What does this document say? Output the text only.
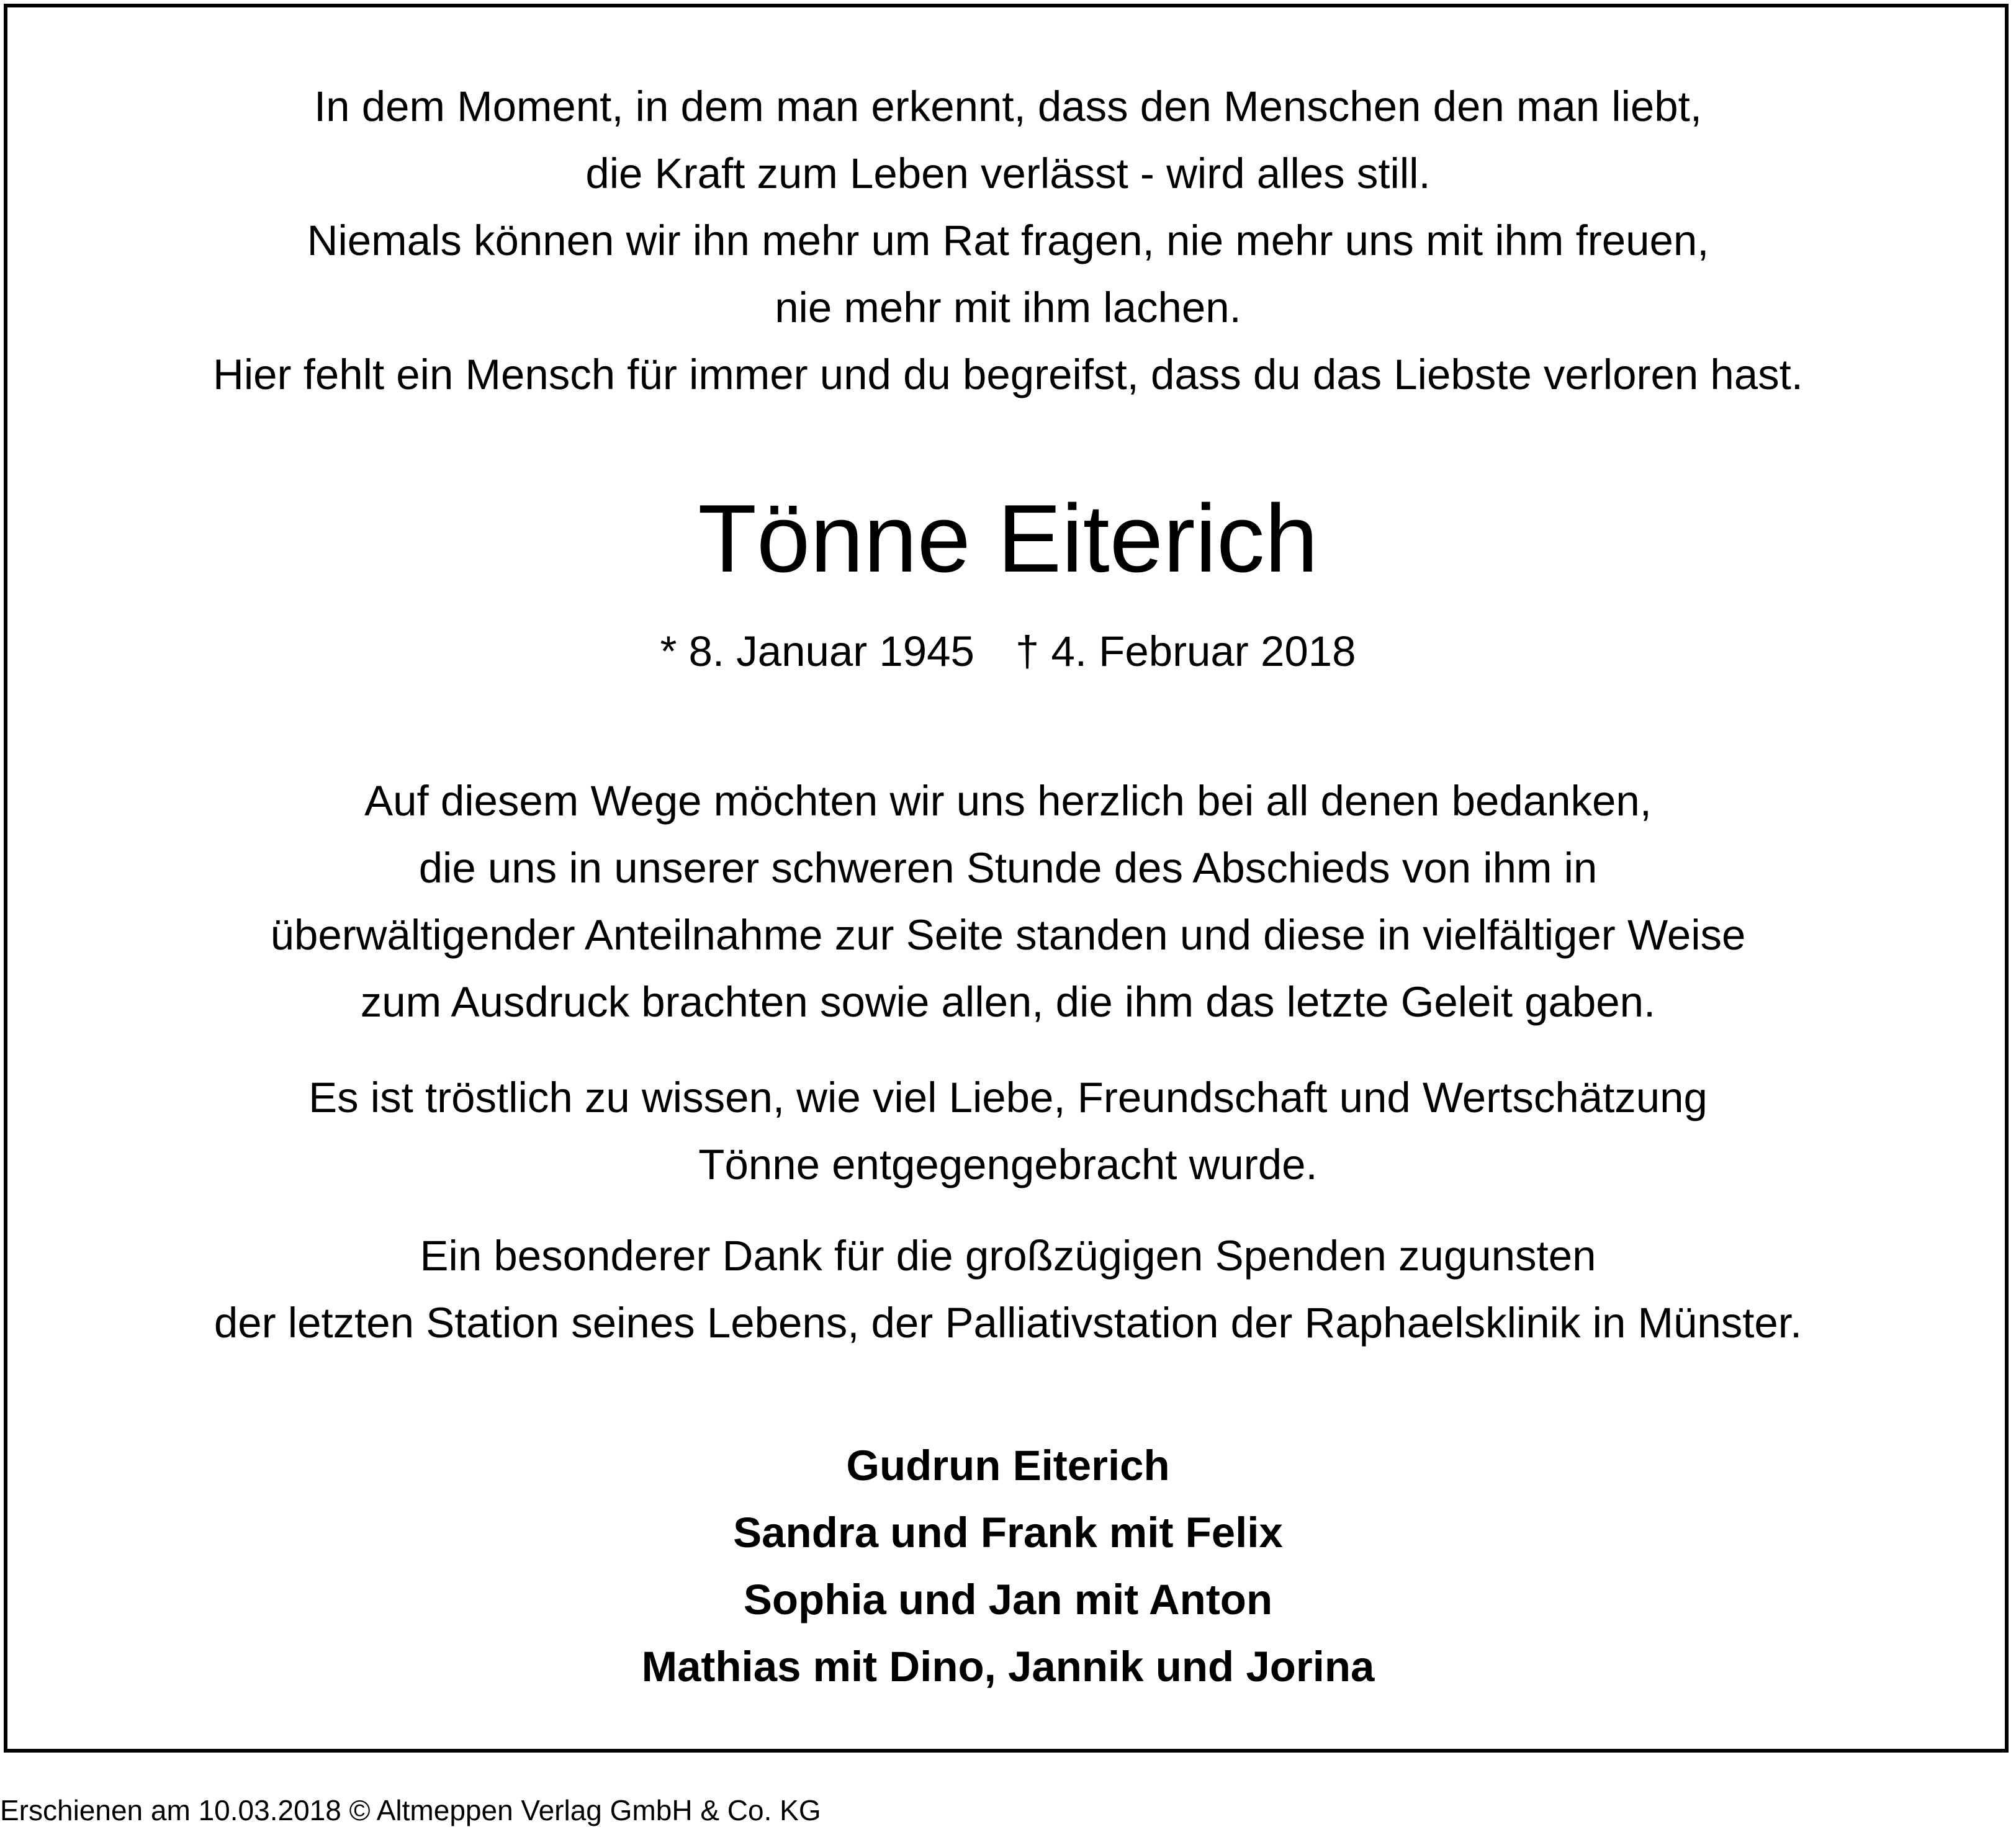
In dem Moment, in dem man erkennt, dass den Menschen den man liebt,
die Kraft zum Leben verlässt - wird alles still.
Niemals können wir ihn mehr um Rat fragen, nie mehr uns mit ihm freuen,
nie mehr mit ihm lachen.
Hier fehlt ein Mensch für immer und du begreifst, dass du das Liebste verloren hast.

Tönne Eiterich

* 8. Januar 1945 † 4. Februar 2018

Auf diesem Wege möchten wir uns herzlich bei all denen bedanken,
die uns in unserer schweren Stunde des Abschieds von ihm in
überwältigender Anteilnahme zur Seite standen und diese in vielfältiger Weise
zum Ausdruck brachten sowie allen, die ihm das letzte Geleit gaben.

Es ist tröstlich zu wissen, wie viel Liebe, Freundschaft und Wertschätzung
Tönne entgegengebracht wurde.

Ein besonderer Dank für die großzügigen Spenden zugunsten
der letzten Station seines Lebens, der Palliativstation der Raphaelsklinik in Münster.

Gudrun Eiterich
Sandra und Frank mit Felix
Sophia und Jan mit Anton
Mathias mit Dino, Jannik und Jorina

Erschienen am 10.03.2018 © Altmeppen Verlag GmbH & Co. KG
